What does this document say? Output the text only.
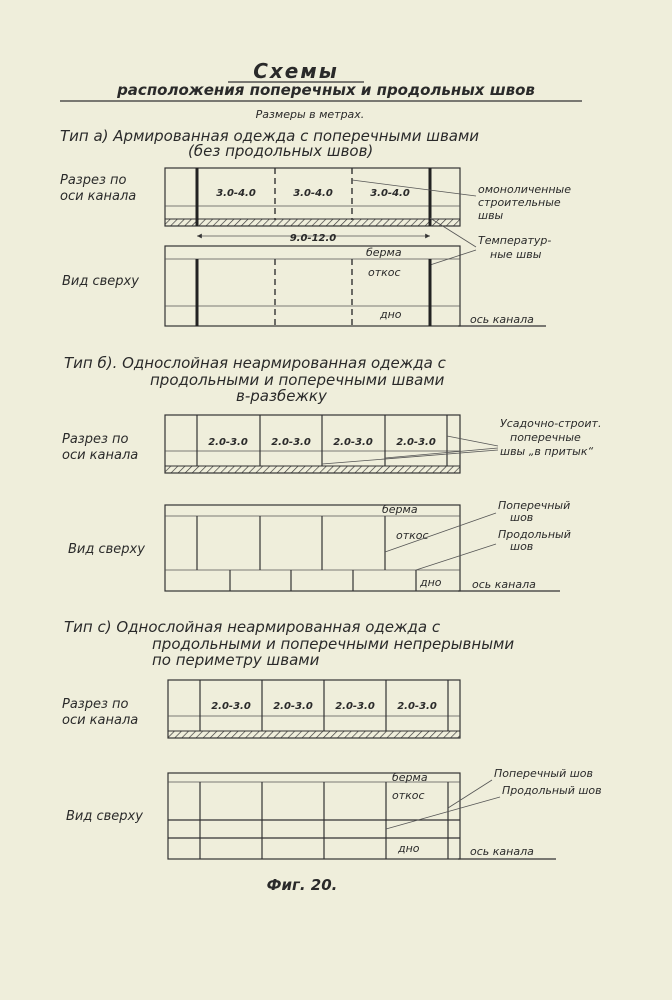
Схемы
расположения поперечных и продольных швов
Размеры в метрах.
Тип а) Армированная одежда с поперечными швами
(без продольных швов)
Разрез по
оси канала	3.0-4.0	3.0-4.0	3.0-4.0
9.0-12.0
омоноличенные
строительные
швы
Температур-
ные швы
Вид сверху
берма
откос
дно	ось канала
Тип б). Однослойная неармированная одежда с
продольными и поперечными швами
в-разбежку
Разрез по
оси канала
2.0-3.0 2.0-3.0 2.0-3.0 2.0-3.0
Усадочно-строит.
поперечные
швы „в притык“
Вид сверху
берма
откос
дно	ось канала
Поперечный
шов
Продольный
шов
Тип с) Однослойная неармированная одежда с
продольными и поперечными непрерывными
по периметру швами
Разрез по
оси канала
2.0-3.0 2.0-3.0 2.0-3.0 2.0-3.0
Вид сверху
берма
откос
дно	ось канала
Поперечный шов
Продольный шов
Фиг. 20.
